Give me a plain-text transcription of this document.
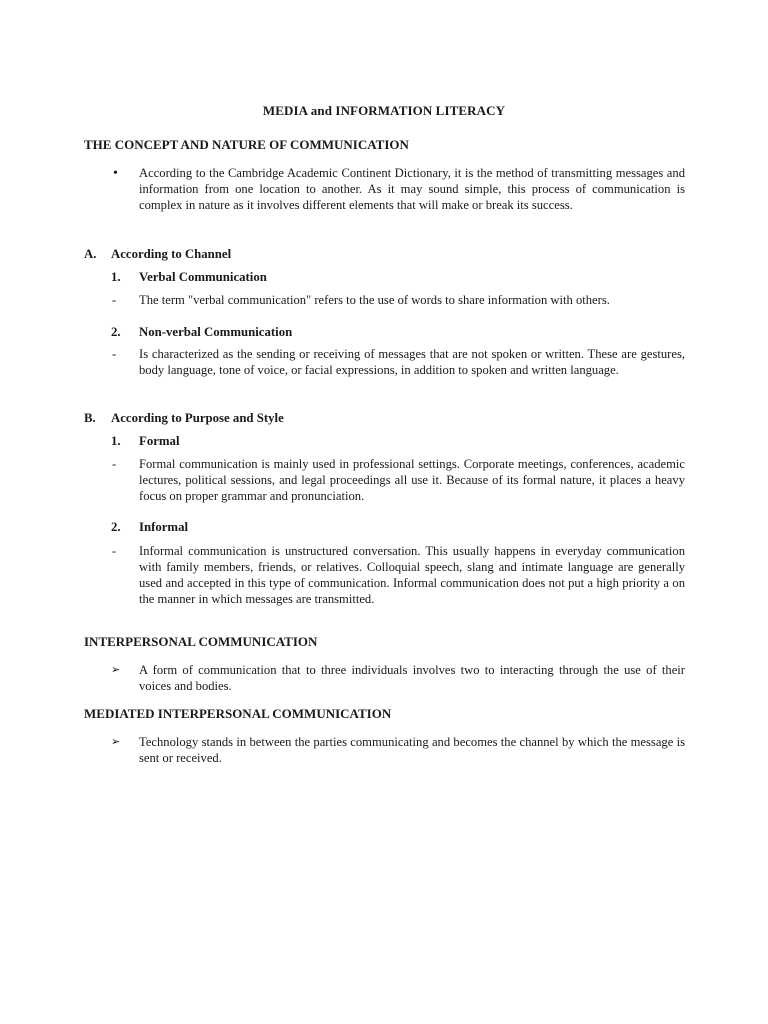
MEDIA and INFORMATION LITERACY
THE CONCEPT AND NATURE OF COMMUNICATION
•	According to the Cambridge Academic Continent Dictionary, it is the method of transmitting messages and information from one location to another. As it may sound simple, this process of communication is complex in nature as it involves different elements that will make or break its success.
A. According to Channel
1. Verbal Communication
-	The term "verbal communication" refers to the use of words to share information with others.
2. Non-verbal Communication
-	Is characterized as the sending or receiving of messages that are not spoken or written. These are gestures, body language, tone of voice, or facial expressions, in addition to spoken and written language.
B. According to Purpose and Style
1. Formal
-	Formal communication is mainly used in professional settings. Corporate meetings, conferences, academic lectures, political sessions, and legal proceedings all use it. Because of its formal nature, it places a heavy focus on proper grammar and pronunciation.
2. Informal
-	Informal communication is unstructured conversation. This usually happens in everyday communication with family members, friends, or relatives. Colloquial speech, slang and intimate language are generally used and accepted in this type of communication. Informal communication does not put a high priority a on the manner in which messages are transmitted.
INTERPERSONAL COMMUNICATION
➢	A form of communication that to three individuals involves two to interacting through the use of their voices and bodies.
MEDIATED INTERPERSONAL COMMUNICATION
➢	Technology stands in between the parties communicating and becomes the channel by which the message is sent or received.
